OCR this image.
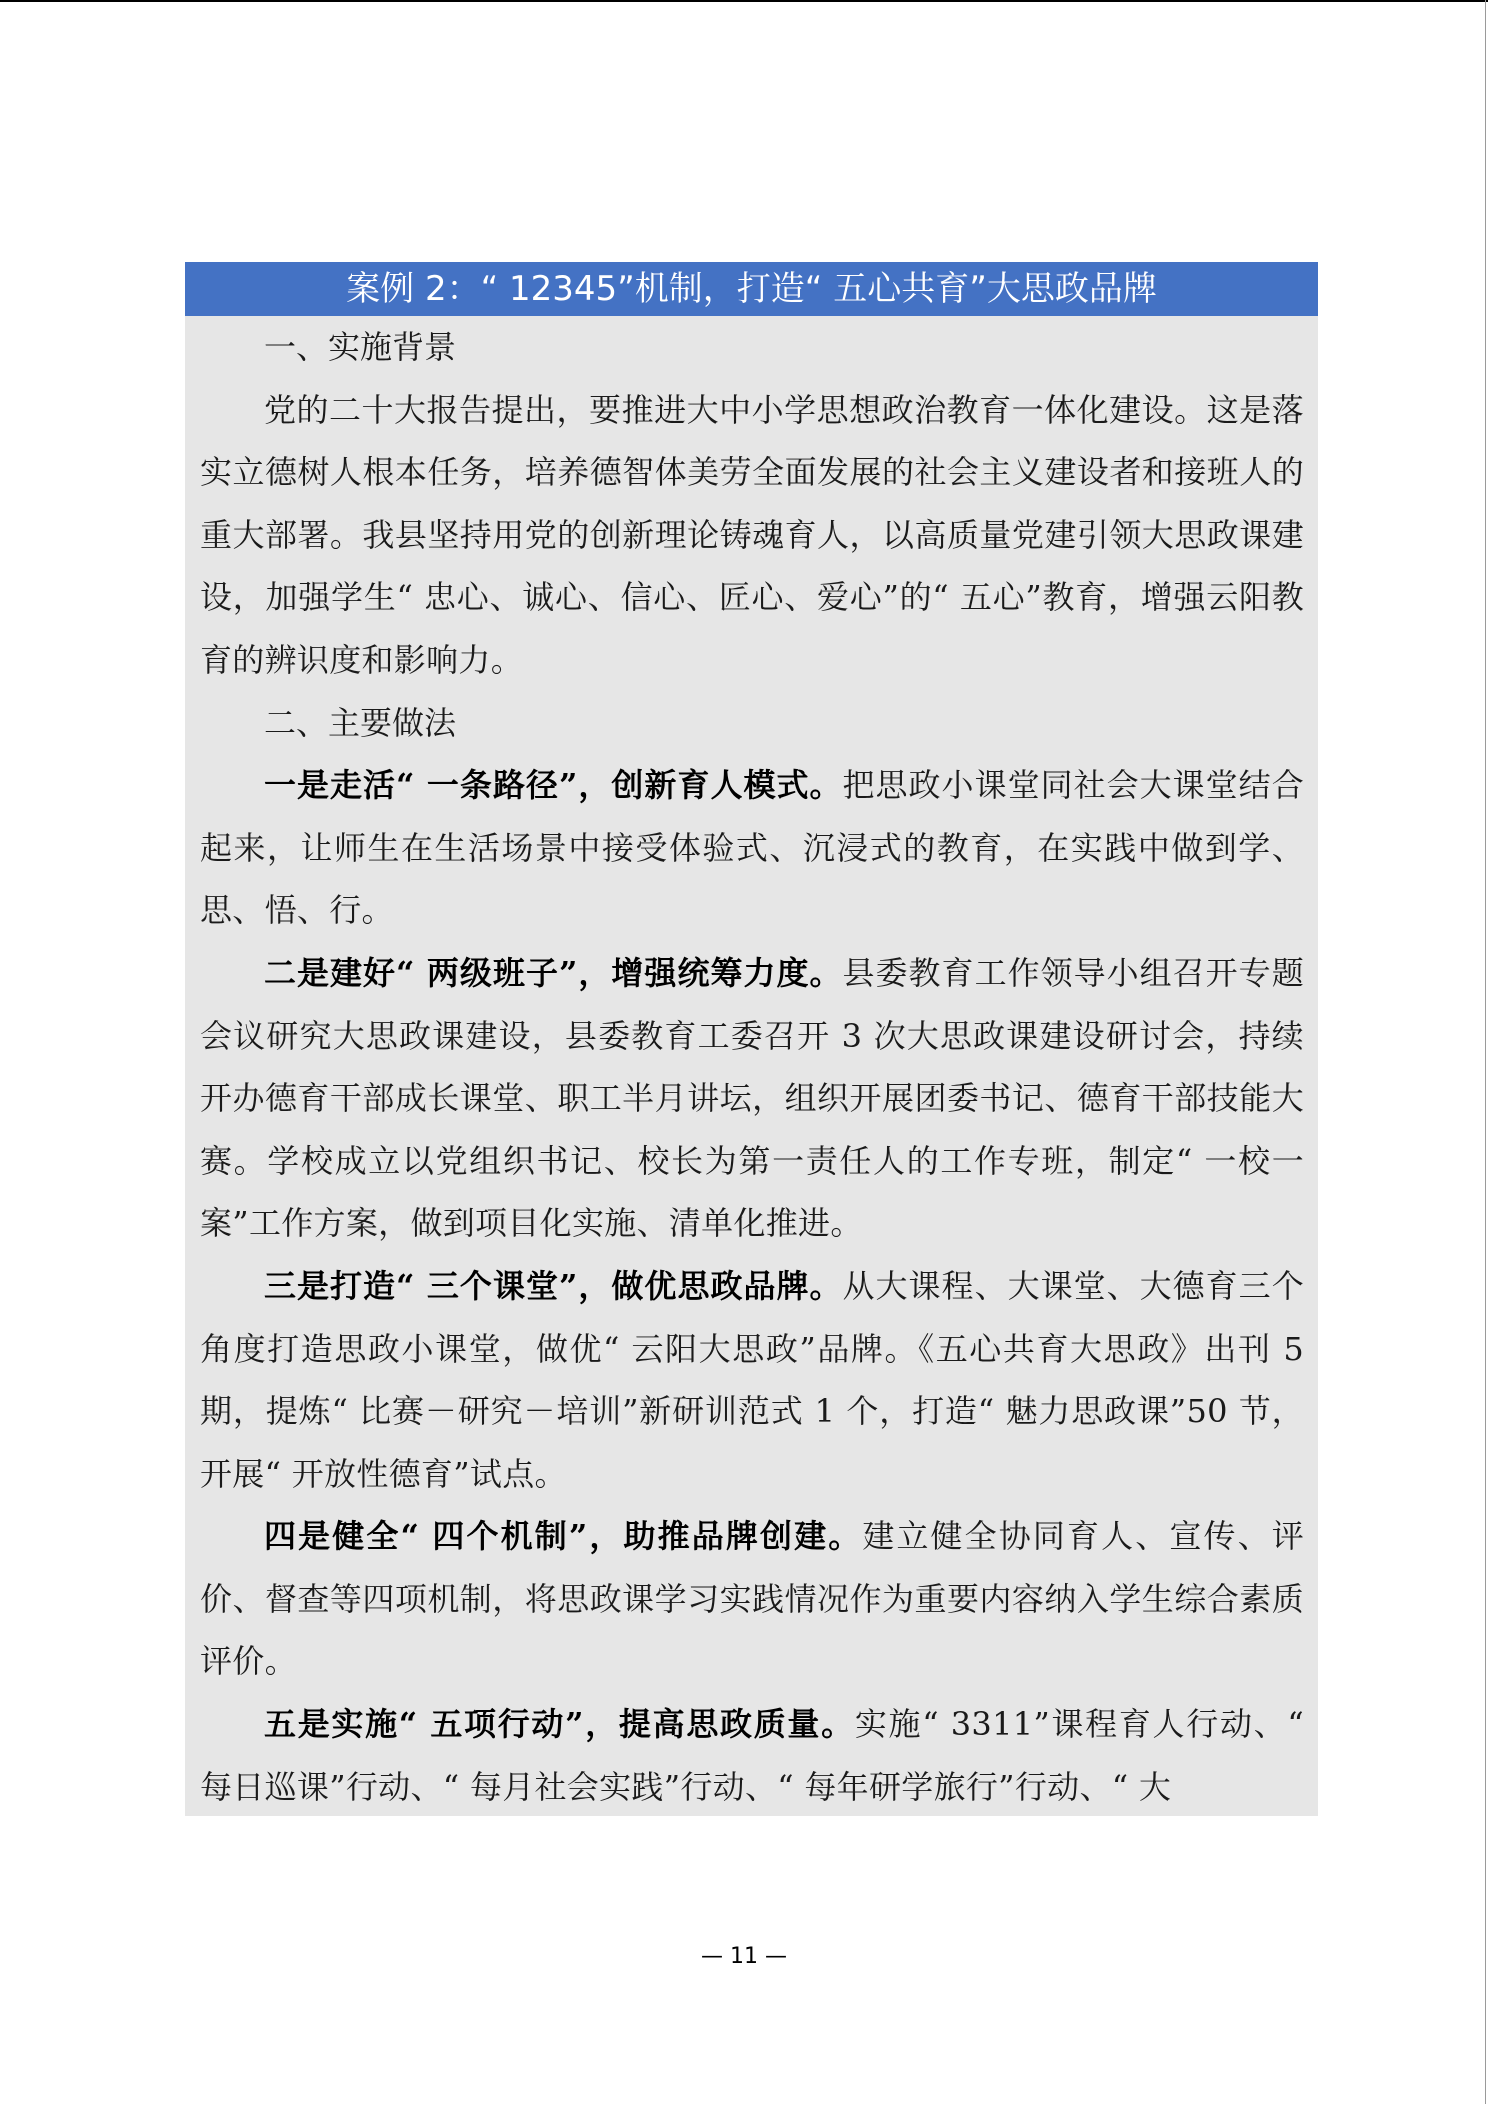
案例 2：“ 12345”机制，打造“ 五心共育”大思政品牌

一、实施背景

党的二十大报告提出，要推进大中小学思想政治教育一体化建设。这是落实立德树人根本任务，培养德智体美劳全面发展的社会主义建设者和接班人的重大部署。我县坚持用党的创新理论铸魂育人，以高质量党建引领大思政课建设，加强学生“ 忠心、诚心、信心、匠心、爱心”的“ 五心”教育，增强云阳教育的辨识度和影响力。

二、主要做法

一是走活“ 一条路径”，创新育人模式。把思政小课堂同社会大课堂结合起来，让师生在生活场景中接受体验式、沉浸式的教育，在实践中做到学、思、悟、行。

二是建好“ 两级班子”，增强统筹力度。县委教育工作领导小组召开专题会议研究大思政课建设，县委教育工委召开 3 次大思政课建设研讨会，持续开办德育干部成长课堂、职工半月讲坛，组织开展团委书记、德育干部技能大赛。学校成立以党组织书记、校长为第一责任人的工作专班，制定“ 一校一案”工作方案，做到项目化实施、清单化推进。

三是打造“ 三个课堂”，做优思政品牌。从大课程、大课堂、大德育三个角度打造思政小课堂，做优“ 云阳大思政”品牌。《五心共育大思政》出刊 5 期，提炼“ 比赛－研究－培训”新研训范式 1 个，打造“ 魅力思政课”50 节，开展“ 开放性德育”试点。

四是健全“ 四个机制”，助推品牌创建。建立健全协同育人、宣传、评价、督查等四项机制，将思政课学习实践情况作为重要内容纳入学生综合素质评价。

五是实施“ 五项行动”，提高思政质量。实施“ 3311”课程育人行动、“ 每日巡课”行动、“ 每月社会实践”行动、“ 每年研学旅行”行动、“ 大

— 11 —
